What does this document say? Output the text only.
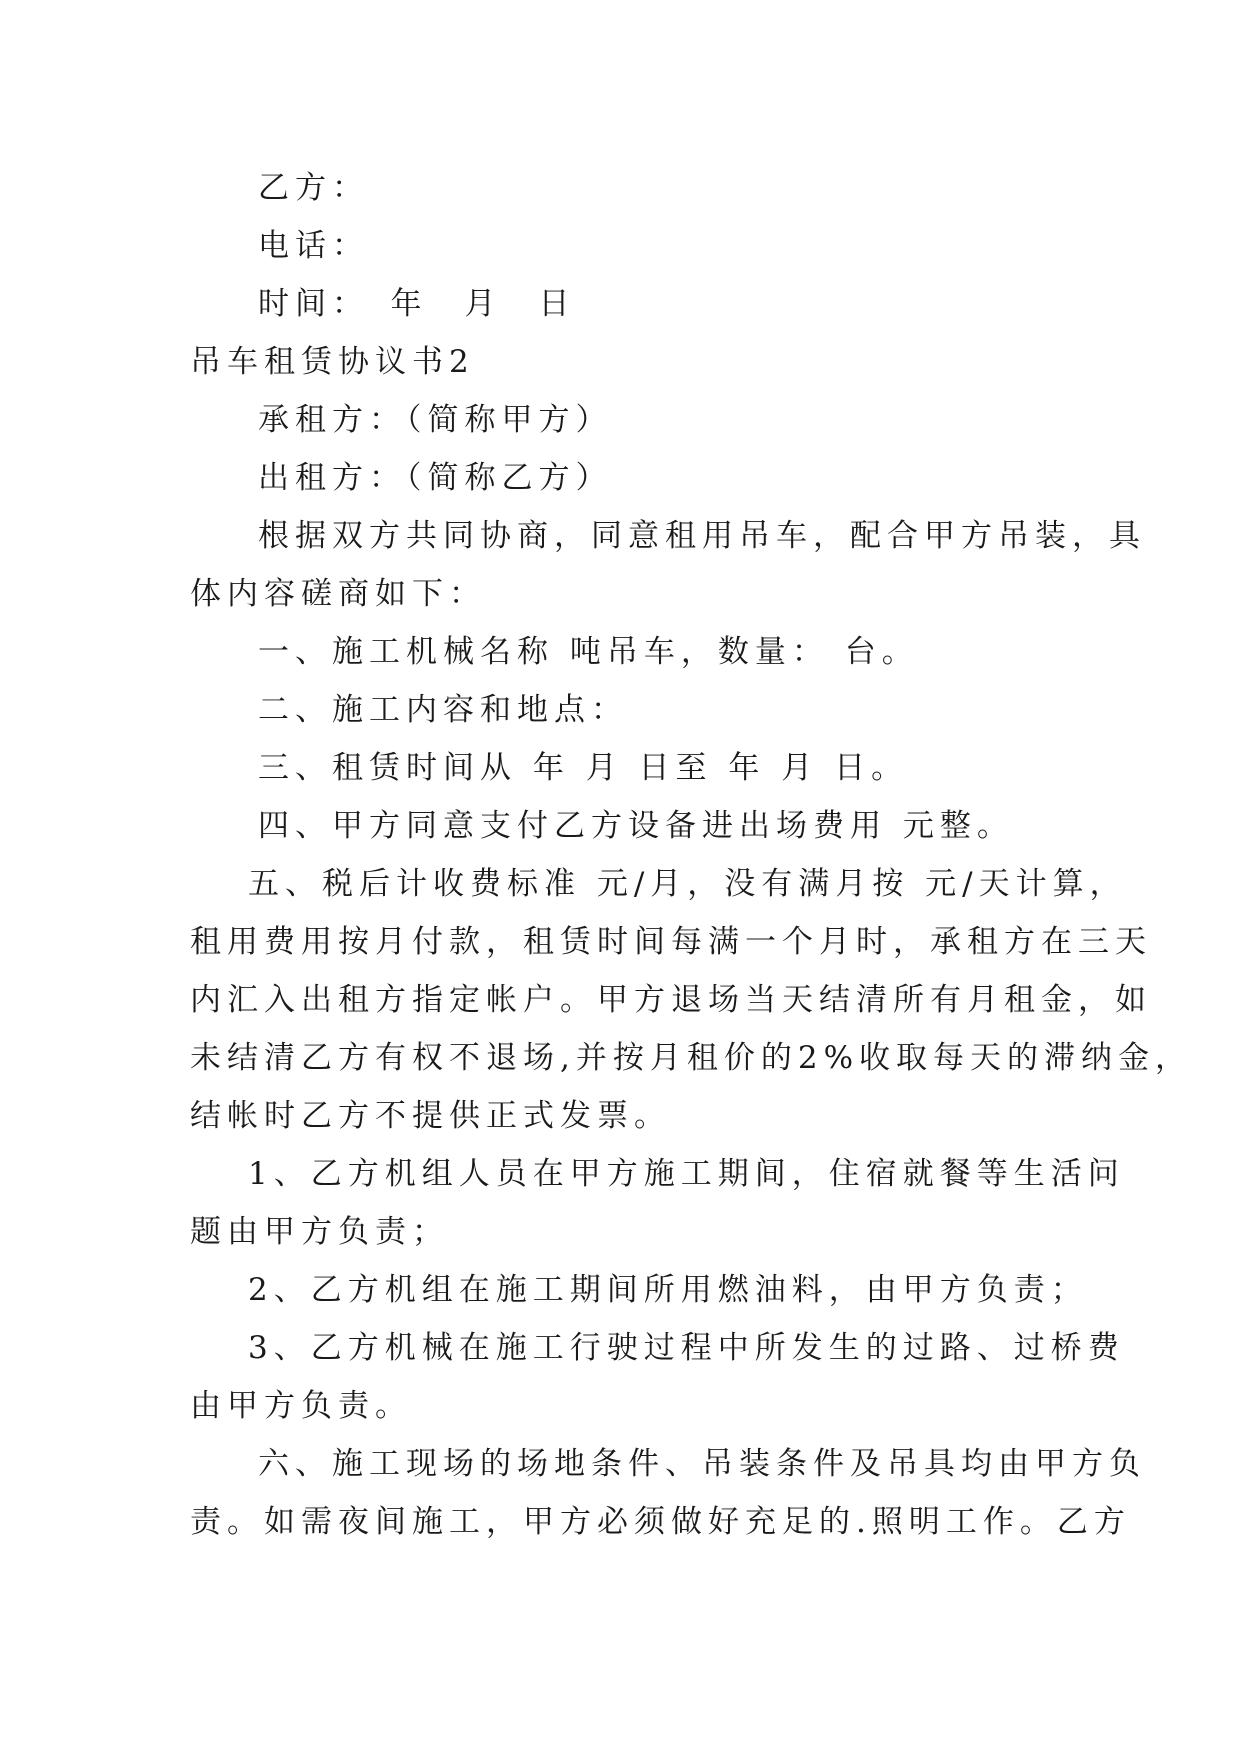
乙方：
电话：
时间：　年　月　日
吊车租赁协议书2
承租方：（简称甲方）
出租方：（简称乙方）
根据双方共同协商，同意租用吊车，配合甲方吊装，具
体内容磋商如下：
一、施工机械名称 吨吊车，数量： 台。
二、施工内容和地点：
三、租赁时间从 年 月 日至 年 月 日。
四、甲方同意支付乙方设备进出场费用 元整。
五、税后计收费标准 元/月，没有满月按 元/天计算，
租用费用按月付款，租赁时间每满一个月时，承租方在三天
内汇入出租方指定帐户。甲方退场当天结清所有月租金，如
未结清乙方有权不退场,并按月租价的2%收取每天的滞纳金，
结帐时乙方不提供正式发票。
1、乙方机组人员在甲方施工期间，住宿就餐等生活问
题由甲方负责；
2、乙方机组在施工期间所用燃油料，由甲方负责；
3、乙方机械在施工行驶过程中所发生的过路、过桥费
由甲方负责。
六、施工现场的场地条件、吊装条件及吊具均由甲方负
责。如需夜间施工，甲方必须做好充足的.照明工作。乙方
